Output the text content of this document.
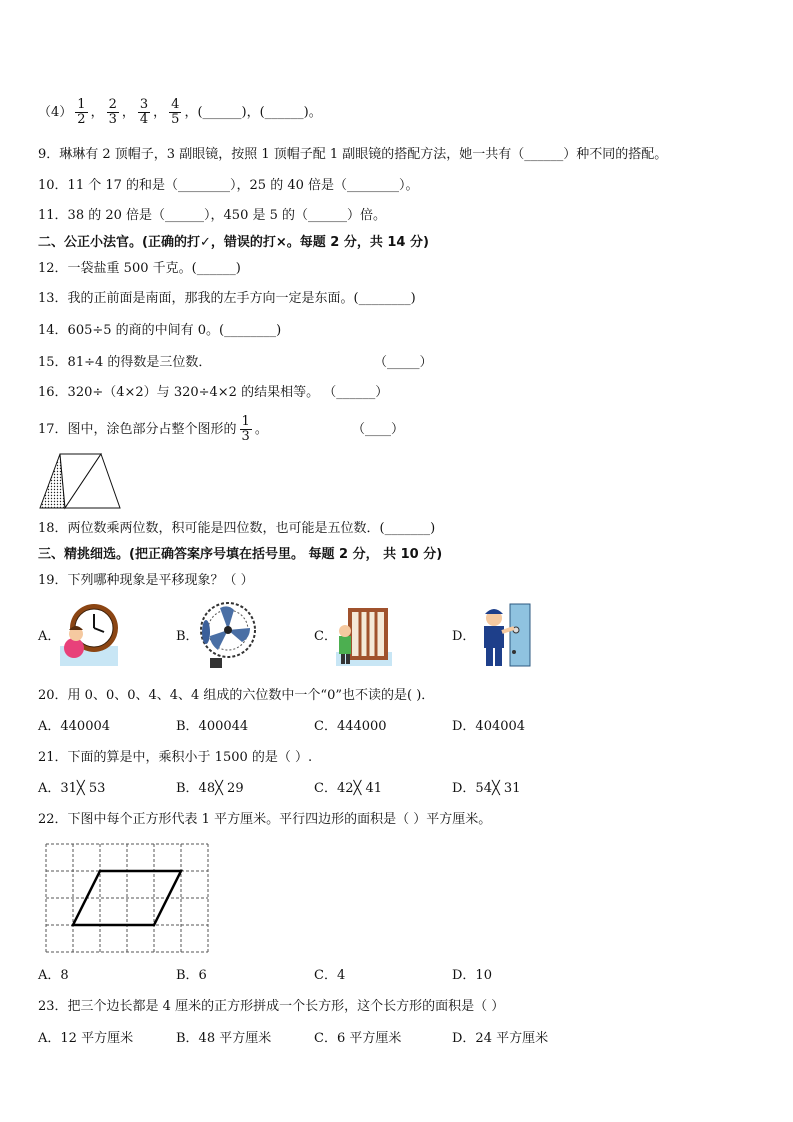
$(4) \frac{1}{2}$ ， $\frac{2}{3}$ ， $\frac{3}{4}$ ， $\frac{4}{5}$ ，(______)，(______)。
9．琳琳有 2 顶帽子，3 副眼镜，按照 1 顶帽子配 1 副眼镜的搭配方法，她一共有（______）种不同的搭配。
10．11 个 17 的和是（________），25 的 40 倍是（________）。
11．38 的 20 倍是（______），450 是 5 的（______）倍。
二、公正小法官。(正确的打✓，错误的打×。每题 2 分，共 14 分)
12．一袋盐重 500 千克。(______)
13．我的正前面是南面，那我的左手方向一定是东面。(________)
14．605÷5 的商的中间有 0。(________)
15．81÷4 的得数是三位数．	（_____）
16．320÷（4×2）与 320÷4×2 的结果相等。 （______）
17．图中，涂色部分占整个图形的 $\frac{1}{3}$ 。	（____）
18．两位数乘两位数，积可能是四位数，也可能是五位数．(_______)
三、精挑细选。(把正确答案序号填在括号里。 每题 2 分， 共 10 分)
19．下列哪种现象是平移现象？（ ）
A．	B．	C．	D．
20．用 0、0、0、4、4、4 组成的六位数中一个“0”也不读的是( )．
A．440004	B．400044	C．444000	D．404004
21．下面的算是中，乘积小于 1500 的是（ ）.
A．31╳ 53	B．48╳ 29	C．42╳ 41	D．54╳ 31
22．下图中每个正方形代表 1 平方厘米。平行四边形的面积是（ ）平方厘米。
A．8	B．6	C．4	D．10
23．把三个边长都是 4 厘米的正方形拼成一个长方形，这个长方形的面积是（ ）
A．12 平方厘米	B．48 平方厘米	C．6 平方厘米	D．24 平方厘米
